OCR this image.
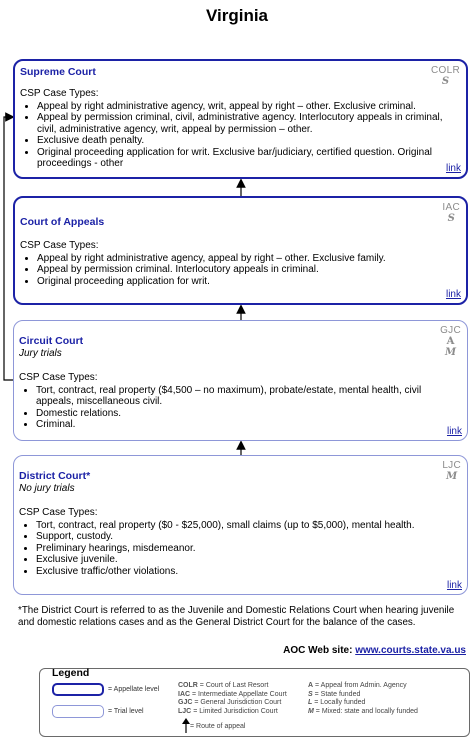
Virginia
Supreme Court	COLR
S
CSP Case Types:
• Appeal by right administrative agency, writ, appeal by right – other. Exclusive criminal.
• Appeal by permission criminal, civil, administrative agency. Interlocutory appeals in criminal, civil, administrative agency, writ, appeal by permission – other.
• Exclusive death penalty.
• Original proceeding application for writ. Exclusive bar/judiciary, certified question. Original proceedings - other	link
Court of Appeals
IAC
S
CSP Case Types:
• Appeal by right administrative agency, appeal by right – other. Exclusive family.
• Appeal by permission criminal. Interlocutory appeals in criminal.
• Original proceeding application for writ.
link
Circuit Court
Jury trials
GJC
A
M
CSP Case Types:
• Tort, contract, real property ($4,500 – no maximum), probate/estate, mental health, civil appeals, miscellaneous civil.
• Domestic relations.
• Criminal.
link
District Court*
No jury trials
LJC
M
CSP Case Types:
• Tort, contract, real property ($0 - $25,000), small claims (up to $5,000), mental health.
• Support, custody.
• Preliminary hearings, misdemeanor.
• Exclusive juvenile.
• Exclusive traffic/other violations.
link
*The District Court is referred to as the Juvenile and Domestic Relations Court when hearing juvenile and domestic relations cases and as the General District Court for the balance of the cases.
AOC Web site: www.courts.state.va.us
Legend
= Appellate level
= Trial level
COLR = Court of Last Resort
IAC = Intermediate Appellate Court
GJC = General Jurisdiction Court
LJC = Limited Jurisdiction Court
A = Appeal from Admin. Agency
S = State funded
L = Locally funded
M = Mixed: state and locally funded
= Route of appeal
